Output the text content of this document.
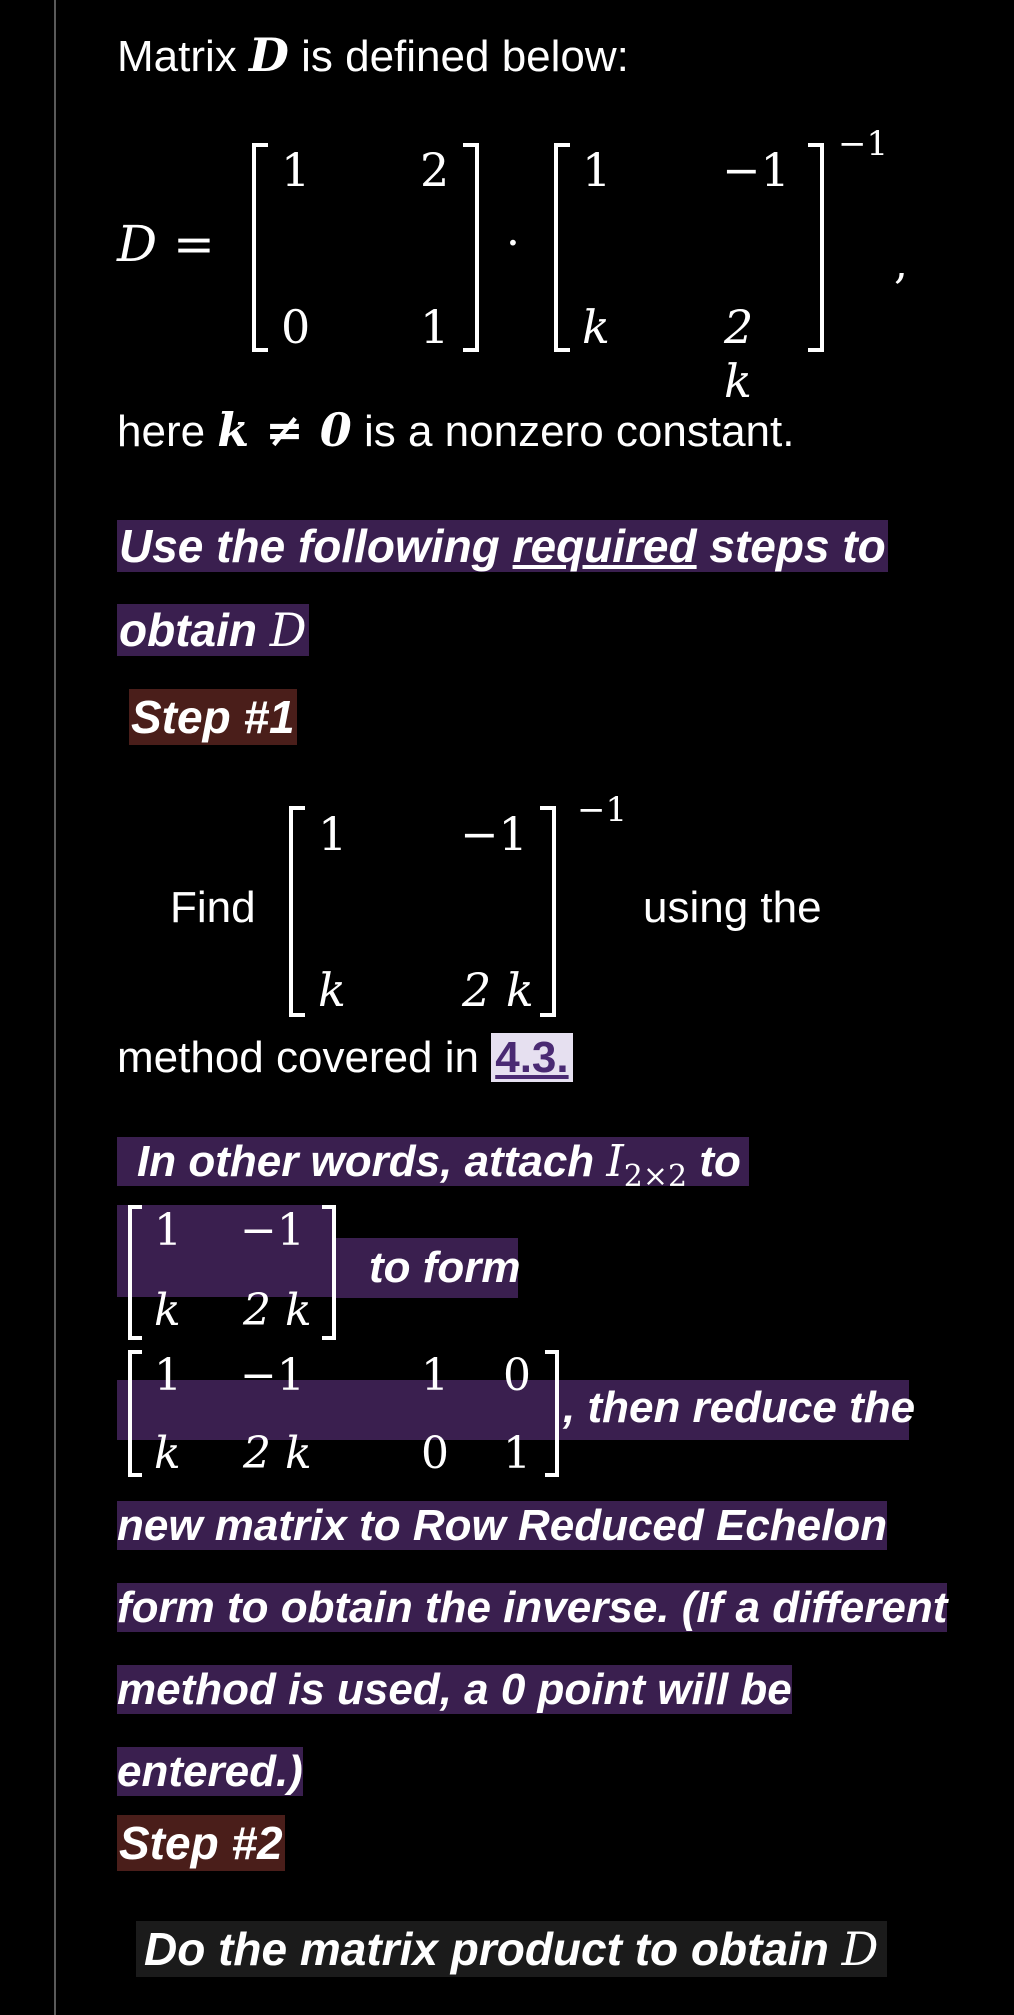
Matrix D is defined below:
D =
1 2
0 1
·
1 −1
k 2 k
−1
,
here k ≠ 0 is a nonzero constant.
Use the following required steps to
obtain D
Step #1
Find
1 −1
k	2 k
−1
using the
method covered in 4.3.
In other words, attach $I_{2\times 2}$ to
1 −1
k 2 k
to form
1 −1	1 0
k 2 k 0 1
, then reduce the
new matrix to Row Reduced Echelon
form to obtain the inverse. (If a different
method is used, a 0 point will be
entered.)
Step #2
Do the matrix product to obtain D
